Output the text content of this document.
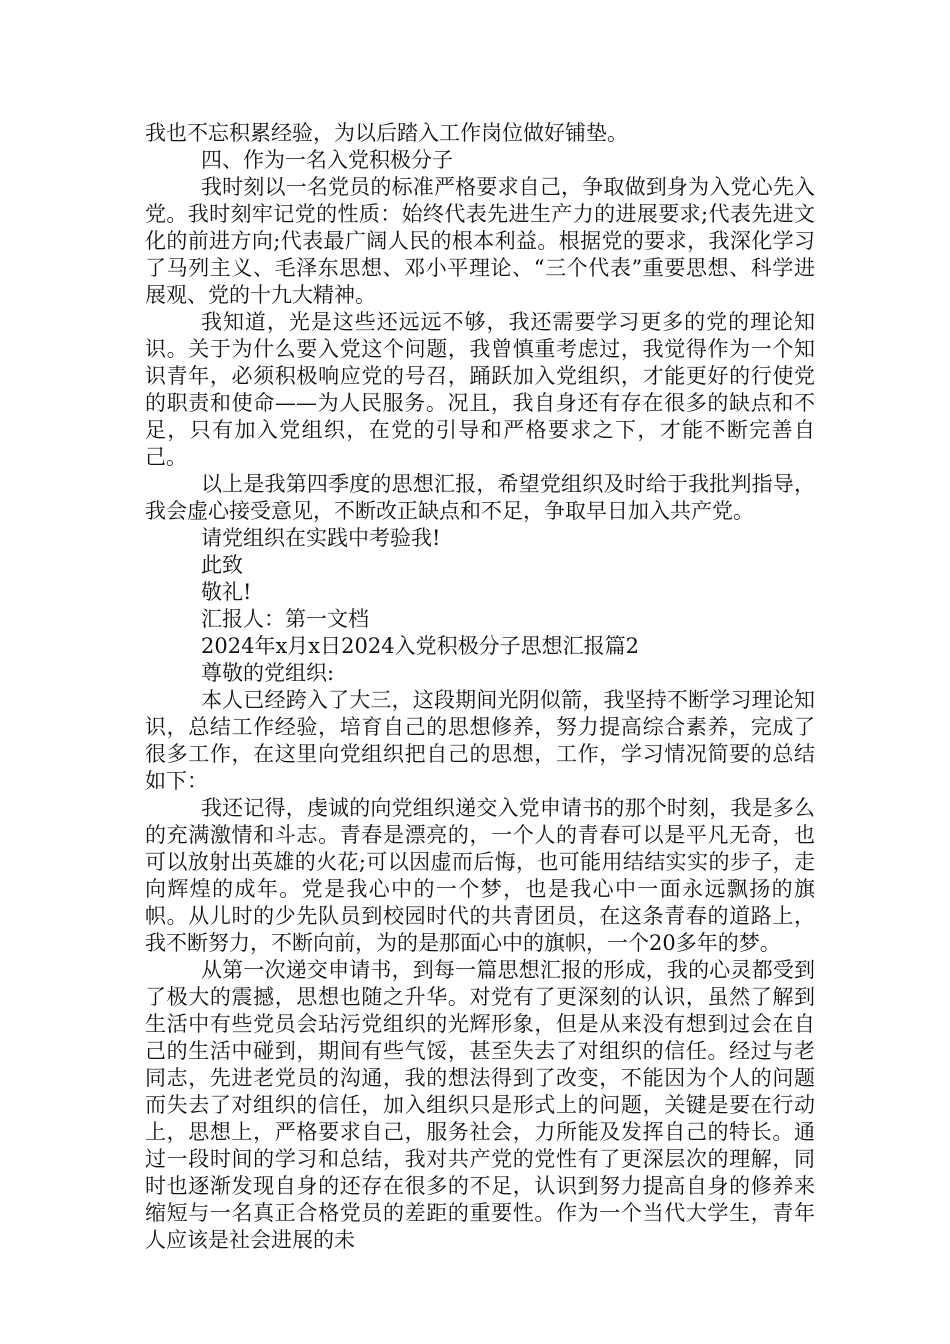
我也不忘积累经验，为以后踏入工作岗位做好铺垫。

四、作为一名入党积极分子

我时刻以一名党员的标准严格要求自己，争取做到身为入党心先入党。我时刻牢记党的性质：始终代表先进生产力的进展要求;代表先进文化的前进方向;代表最广阔人民的根本利益。根据党的要求，我深化学习了马列主义、毛泽东思想、邓小平理论、“三个代表”重要思想、科学进展观、党的十九大精神。

我知道，光是这些还远远不够，我还需要学习更多的党的理论知识。关于为什么要入党这个问题，我曾慎重考虑过，我觉得作为一个知识青年，必须积极响应党的号召，踊跃加入党组织，才能更好的行使党的职责和使命——为人民服务。况且，我自身还有存在很多的缺点和不足，只有加入党组织，在党的引导和严格要求之下，才能不断完善自己。

以上是我第四季度的思想汇报，希望党组织及时给于我批判指导，我会虚心接受意见，不断改正缺点和不足，争取早日加入共产党。

请党组织在实践中考验我!

此致

敬礼!

汇报人：第一文档

2024年x月x日2024入党积极分子思想汇报篇2

尊敬的党组织:

本人已经跨入了大三，这段期间光阴似箭，我坚持不断学习理论知识，总结工作经验，培育自己的思想修养，努力提高综合素养，完成了很多工作，在这里向党组织把自己的思想，工作，学习情况简要的总结如下：

我还记得，虔诚的向党组织递交入党申请书的那个时刻，我是多么的充满激情和斗志。青春是漂亮的，一个人的青春可以是平凡无奇，也可以放射出英雄的火花;可以因虚而后悔，也可能用结结实实的步子，走向辉煌的成年。党是我心中的一个梦，也是我心中一面永远飘扬的旗帜。从儿时的少先队员到校园时代的共青团员，在这条青春的道路上，我不断努力，不断向前，为的是那面心中的旗帜，一个20多年的梦。

从第一次递交申请书，到每一篇思想汇报的形成，我的心灵都受到了极大的震撼，思想也随之升华。对党有了更深刻的认识，虽然了解到生活中有些党员会玷污党组织的光辉形象，但是从来没有想到过会在自己的生活中碰到，期间有些气馁，甚至失去了对组织的信任。经过与老同志，先进老党员的沟通，我的想法得到了改变，不能因为个人的问题而失去了对组织的信任，加入组织只是形式上的问题，关键是要在行动上，思想上，严格要求自己，服务社会，力所能及发挥自己的特长。通过一段时间的学习和总结，我对共产党的党性有了更深层次的理解，同时也逐渐发现自身的还存在很多的不足，认识到努力提高自身的修养来缩短与一名真正合格党员的差距的重要性。作为一个当代大学生，青年人应该是社会进展的未
